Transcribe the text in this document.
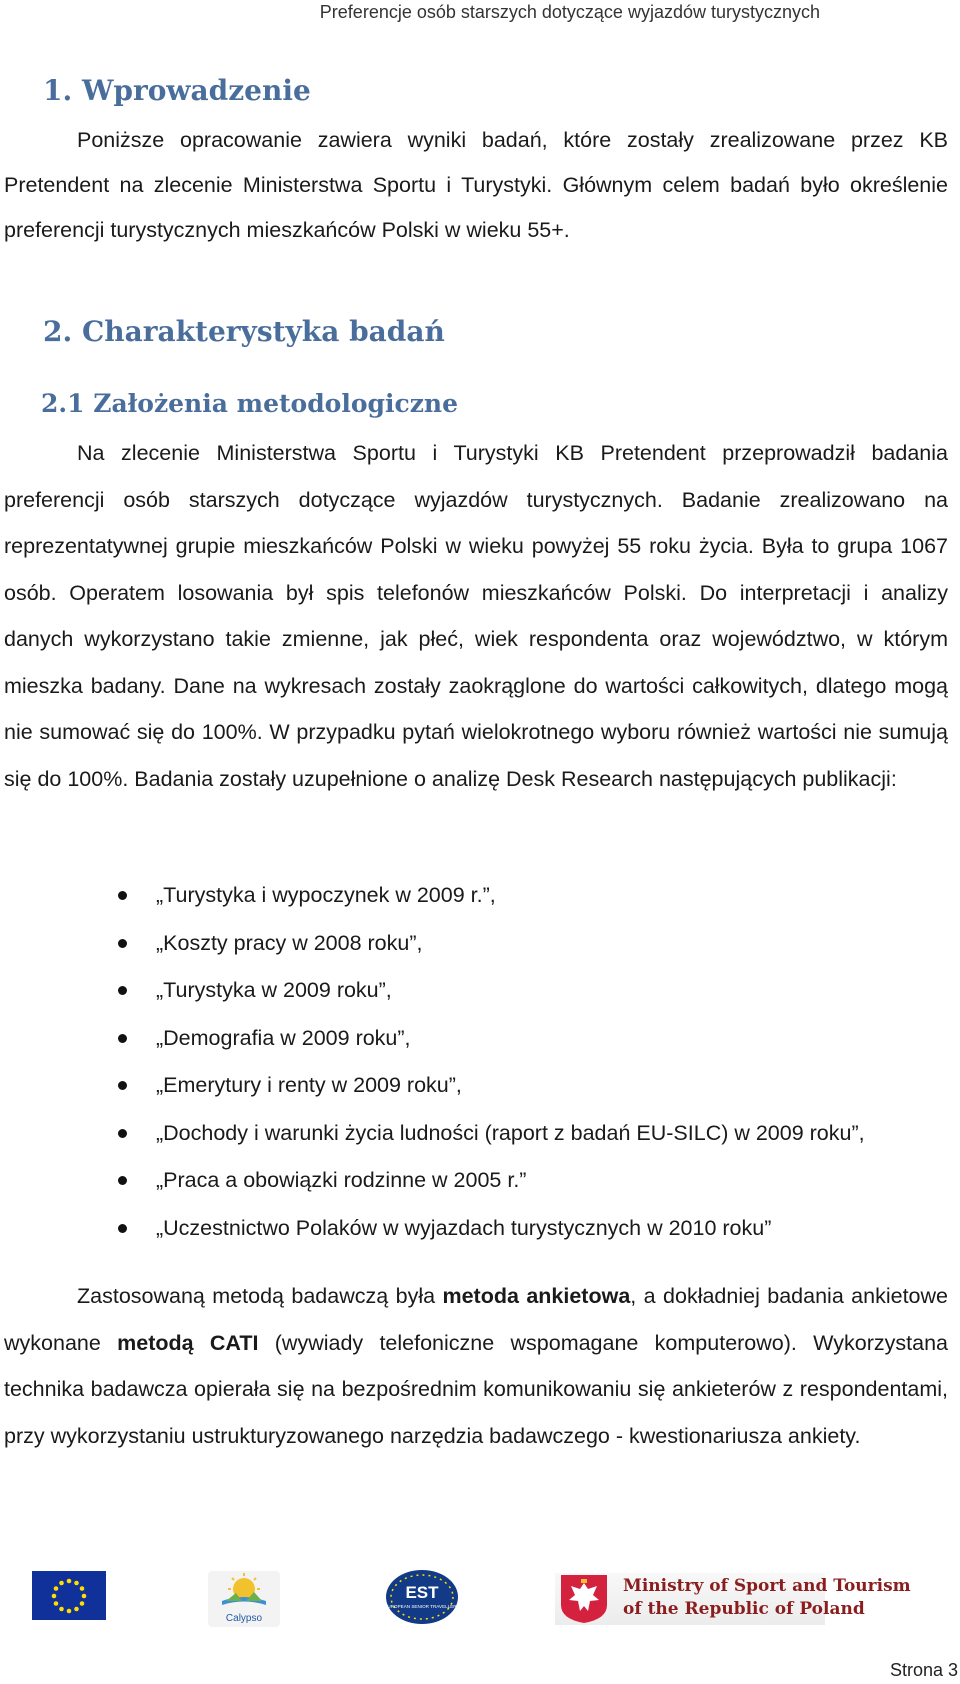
Preferencje osób starszych dotyczące wyjazdów turystycznych
1. Wprowadzenie

Poniższe opracowanie zawiera wyniki badań, które zostały zrealizowane przez KB Pretendent na zlecenie Ministerstwa Sportu i Turystyki. Głównym celem badań było określenie preferencji turystycznych mieszkańców Polski w wieku 55+.

2. Charakterystyka badań
2.1 Założenia metodologiczne

Na zlecenie Ministerstwa Sportu i Turystyki KB Pretendent przeprowadził badania preferencji osób starszych dotyczące wyjazdów turystycznych. Badanie zrealizowano na reprezentatywnej grupie mieszkańców Polski w wieku powyżej 55 roku życia. Była to grupa 1067 osób. Operatem losowania był spis telefonów mieszkańców Polski. Do interpretacji i analizy danych wykorzystano takie zmienne, jak płeć, wiek respondenta oraz województwo, w którym mieszka badany. Dane na wykresach zostały zaokrąglone do wartości całkowitych, dlatego mogą nie sumować się do 100%. W przypadku pytań wielokrotnego wyboru również wartości nie sumują się do 100%. Badania zostały uzupełnione o analizę Desk Research następujących publikacji:

„Turystyka i wypoczynek w 2009 r.”,
„Koszty pracy w 2008 roku”,
„Turystyka w 2009 roku”,
„Demografia w 2009 roku”,
„Emerytury i renty w 2009 roku”,
„Dochody i warunki życia ludności (raport z badań EU-SILC) w 2009 roku”,
„Praca a obowiązki rodzinne w 2005 r.”
„Uczestnictwo Polaków w wyjazdach turystycznych w 2010 roku”

Zastosowaną metodą badawczą była metoda ankietowa, a dokładniej badania ankietowe wykonane metodą CATI (wywiady telefoniczne wspomagane komputerowo). Wykorzystana technika badawcza opierała się na bezpośrednim komunikowaniu się ankieterów z respondentami, przy wykorzystaniu ustrukturyzowanego narzędzia badawczego - kwestionariusza ankiety.

Calypso
EST
EUROPEAN SENIOR TRAVELLERS
Ministry of Sport and Tourism
of the Republic of Poland
Strona 3
